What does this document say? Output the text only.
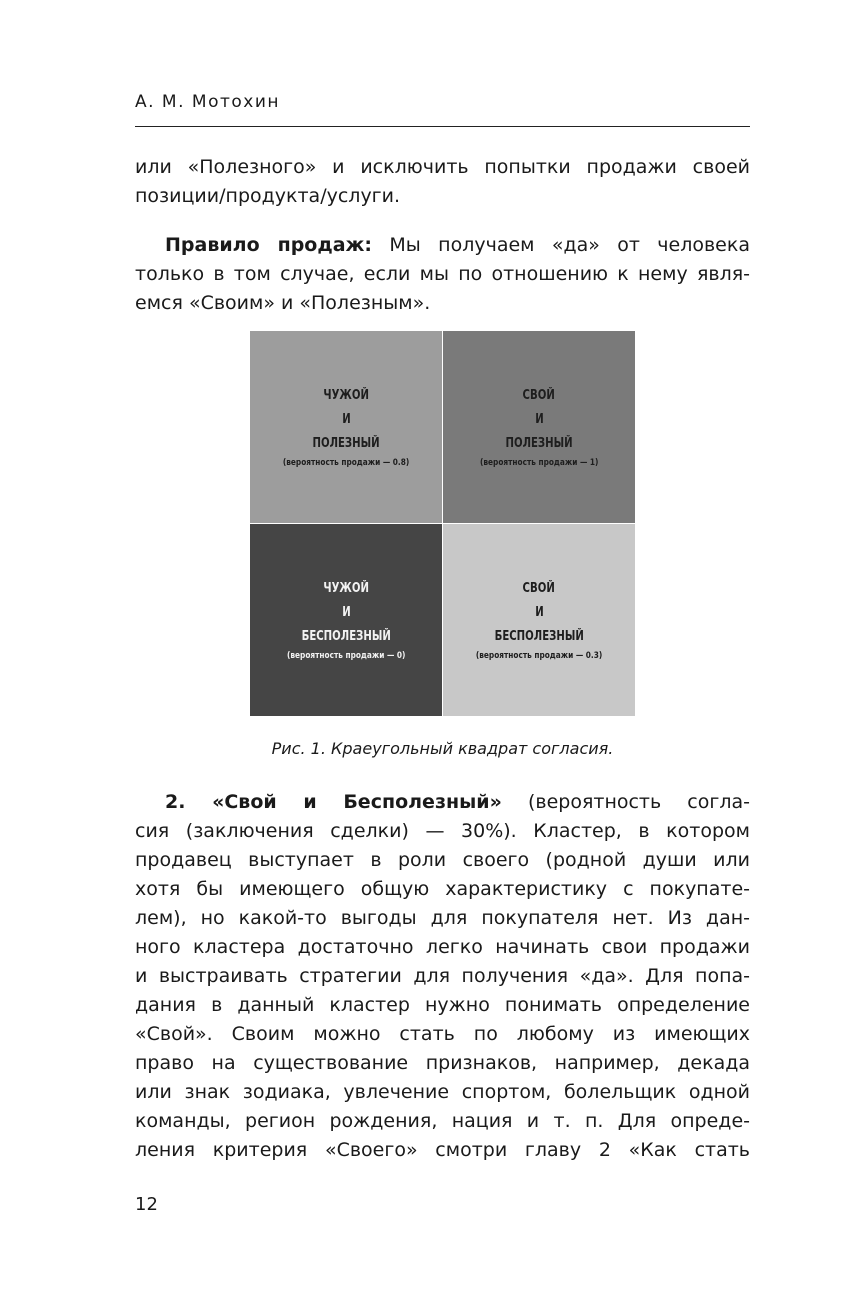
А. М. Мотохин
или «Полезного» и исключить попытки продажи своей
позиции/продукта/услуги.
Правило продаж: Мы получаем «да» от человека
только в том случае, если мы по отношению к нему явля-
емся «Своим» и «Полезным».
ЧУЖОЙ
И
ПОЛЕЗНЫЙ
(вероятность продажи — 0.8)
СВОЙ
И
ПОЛЕЗНЫЙ
(вероятность продажи — 1)
ЧУЖОЙ
И
БЕСПОЛЕЗНЫЙ
(вероятность продажи — 0)
СВОЙ
И
БЕСПОЛЕЗНЫЙ
(вероятность продажи — 0.3)
Рис. 1. Краеугольный квадрат согласия.
2. «Свой и Бесполезный» (вероятность согла-
сия (заключения сделки) — 30%). Кластер, в котором
продавец выступает в роли своего (родной души или
хотя бы имеющего общую характеристику с покупате-
лем), но какой-то выгоды для покупателя нет. Из дан-
ного кластера достаточно легко начинать свои продажи
и выстраивать стратегии для получения «да». Для попа-
дания в данный кластер нужно понимать определение
«Свой». Своим можно стать по любому из имеющих
право на существование признаков, например, декада
или знак зодиака, увлечение спортом, болельщик одной
команды, регион рождения, нация и т. п. Для опреде-
ления критерия «Своего» смотри главу 2 «Как стать
12
